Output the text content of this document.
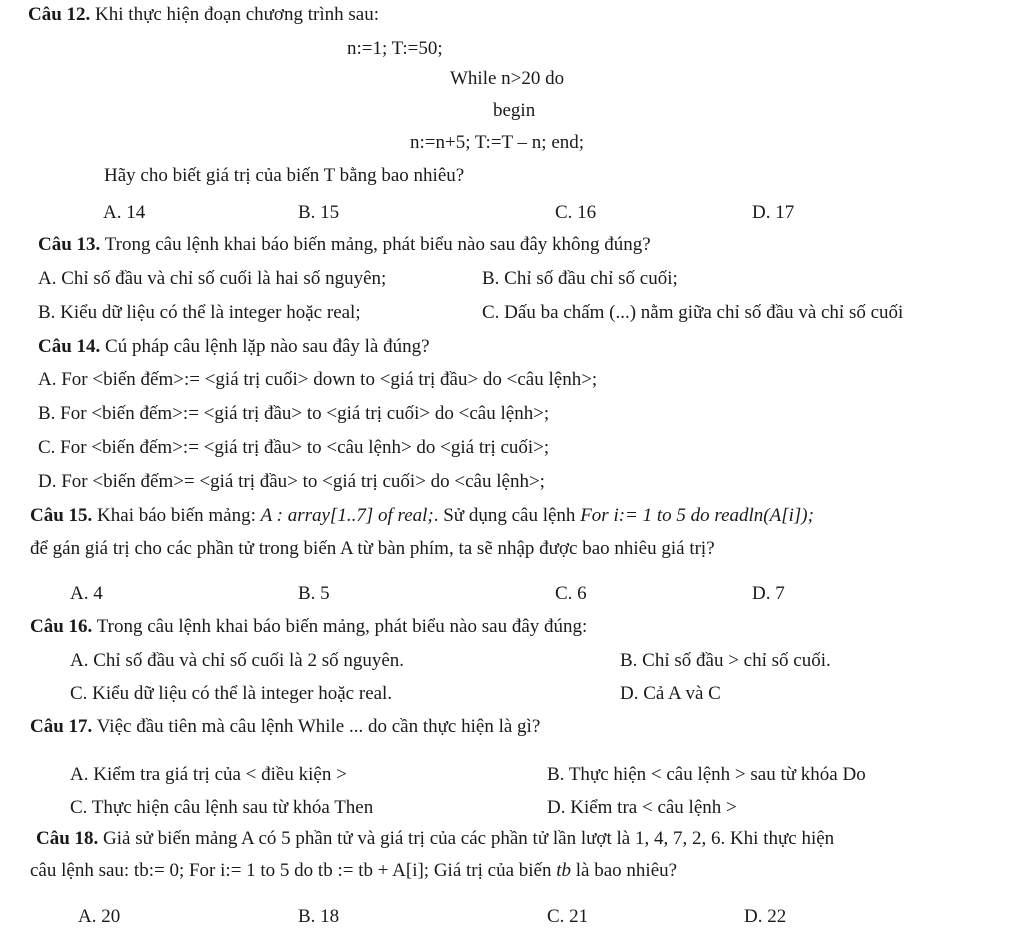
Câu 12. Khi thực hiện đoạn chương trình sau:
n:=1; T:=50;
While n>20 do
begin
n:=n+5; T:=T – n; end;
Hãy cho biết giá trị của biến T bằng bao nhiêu?
A. 14	B. 15	C. 16	D. 17
Câu 13. Trong câu lệnh khai báo biến mảng, phát biểu nào sau đây không đúng?
A. Chỉ số đầu và chỉ số cuối là hai số nguyên;	B. Chỉ số đầu chỉ số cuối;
B. Kiểu dữ liệu có thể là integer hoặc real;	C. Dấu ba chấm (...) nằm giữa chỉ số đầu và chỉ số cuối
Câu 14. Cú pháp câu lệnh lặp nào sau đây là đúng?
A. For <biến đếm>:= <giá trị cuối> down to <giá trị đầu> do <câu lệnh>;
B. For <biến đếm>:= <giá trị đầu> to <giá trị cuối> do <câu lệnh>;
C. For <biến đếm>:= <giá trị đầu> to <câu lệnh> do <giá trị cuối>;
D. For <biến đếm>= <giá trị đầu> to <giá trị cuối> do <câu lệnh>;
Câu 15. Khai báo biến mảng: A : array[1..7] of real;. Sử dụng câu lệnh For i:= 1 to 5 do readln(A[i]);
để gán giá trị cho các phần tử trong biến A từ bàn phím, ta sẽ nhập được bao nhiêu giá trị?
A. 4	B. 5	C. 6	D. 7
Câu 16. Trong câu lệnh khai báo biến mảng, phát biểu nào sau đây đúng:
A. Chỉ số đầu và chỉ số cuối là 2 số nguyên.	B. Chỉ số đầu > chỉ số cuối.
C. Kiểu dữ liệu có thể là integer hoặc real.	D. Cả A và C
Câu 17. Việc đầu tiên mà câu lệnh While ... do cần thực hiện là gì?
A. Kiểm tra giá trị của < điều kiện >	B. Thực hiện < câu lệnh > sau từ khóa Do
C. Thực hiện câu lệnh sau từ khóa Then	D. Kiểm tra < câu lệnh >
Câu 18. Giả sử biến mảng A có 5 phần tử và giá trị của các phần tử lần lượt là 1, 4, 7, 2, 6. Khi thực hiện
câu lệnh sau: tb:= 0; For i:= 1 to 5 do tb := tb + A[i]; Giá trị của biến tb là bao nhiêu?
A. 20	B. 18	C. 21	D. 22
